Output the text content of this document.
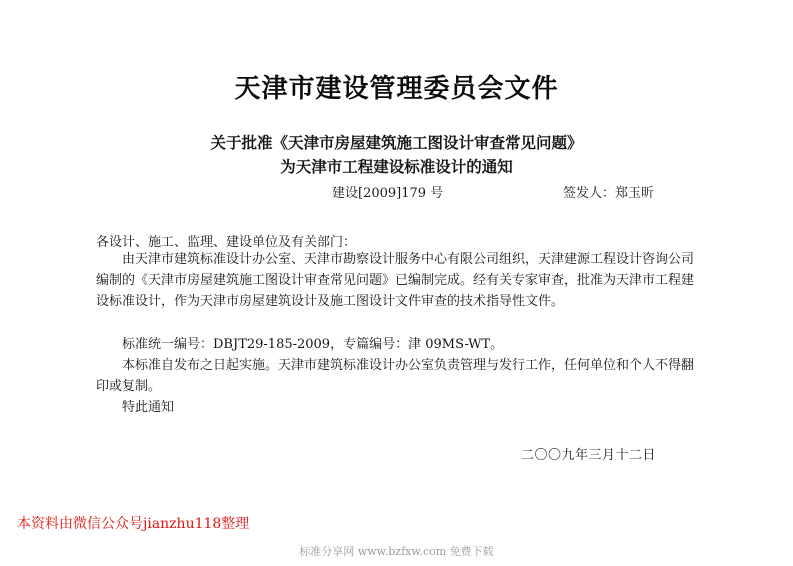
天津市建设管理委员会文件
关于批准《天津市房屋建筑施工图设计审查常见问题》
为天津市工程建设标准设计的通知
建设[2009]179 号	签发人：郑玉昕
各设计、施工、监理、建设单位及有关部门：
由天津市建筑标准设计办公室、天津市勘察设计服务中心有限公司组织，天津建源工程设计咨询公司编制的《天津市房屋建筑施工图设计审查常见问题》已编制完成。经有关专家审查，批准为天津市工程建设标准设计，作为天津市房屋建筑设计及施工图设计文件审查的技术指导性文件。
标准统一编号：DBJT29-185-2009，专篇编号：津 09MS-WT。
本标准自发布之日起实施。天津市建筑标准设计办公室负责管理与发行工作，任何单位和个人不得翻印或复制。
特此通知
二〇〇九年三月十二日
本资料由微信公众号jianzhu118整理
标准分享网 www.bzfxw.com 免费下载
